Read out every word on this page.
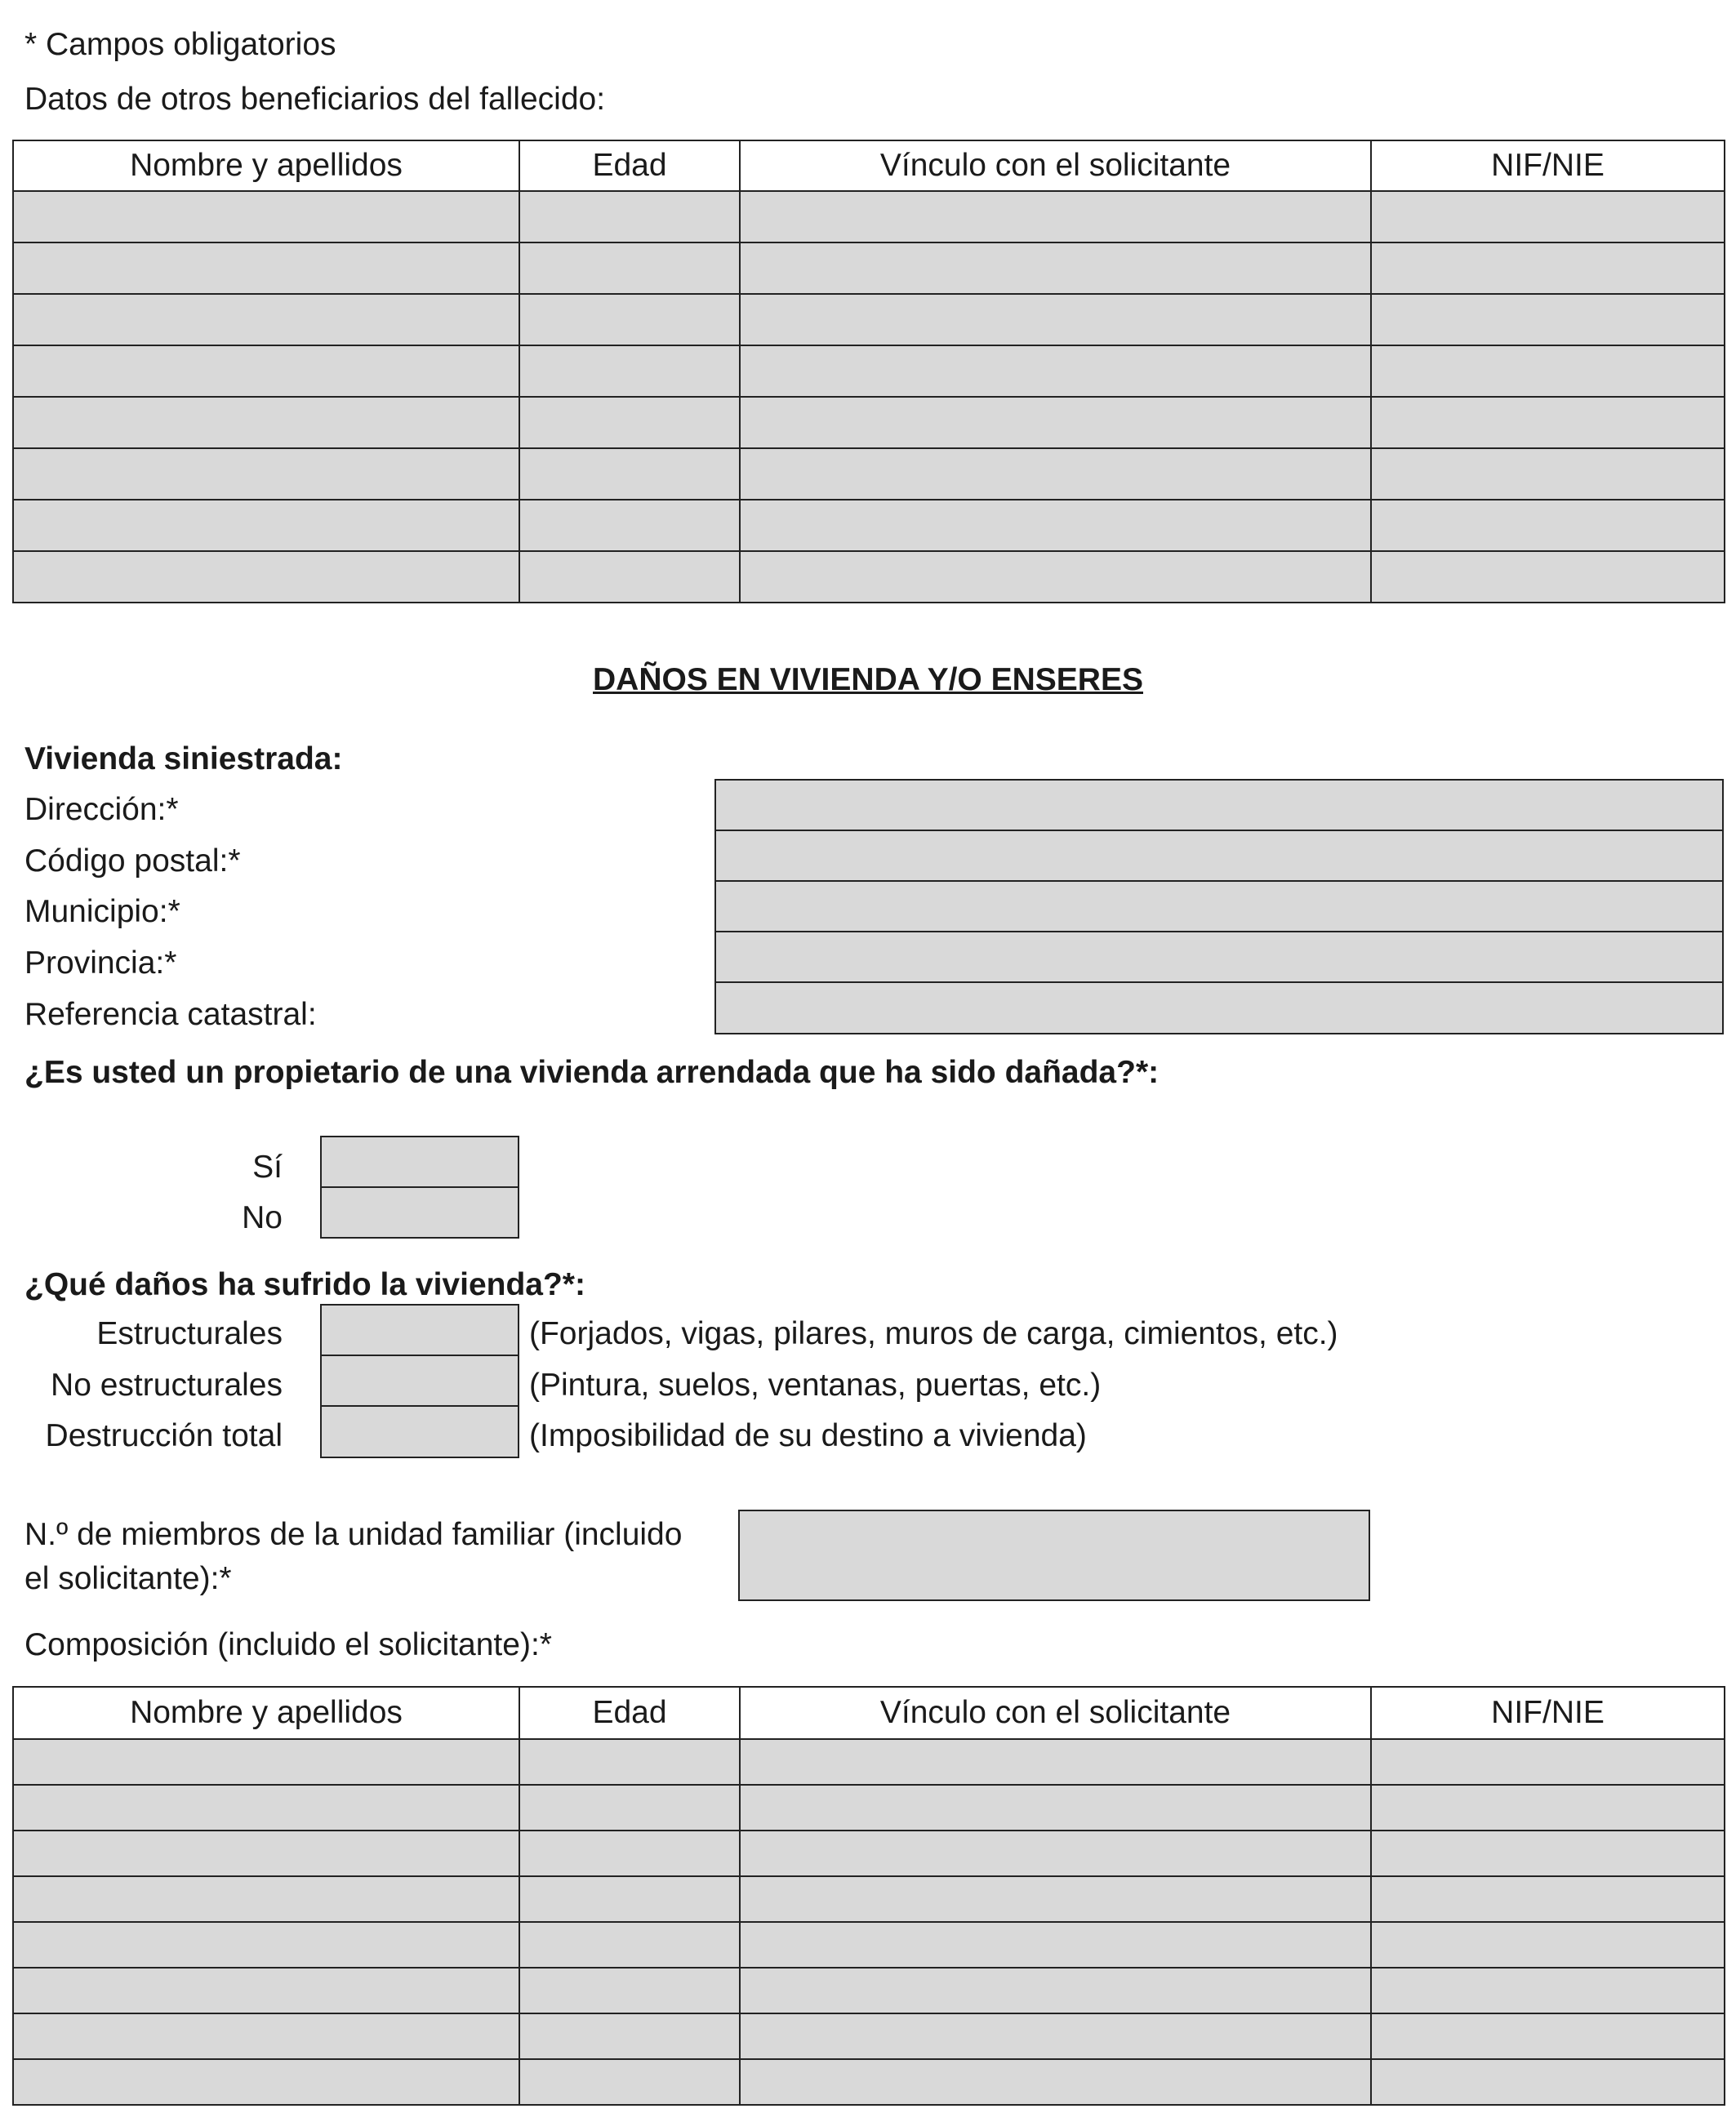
* Campos obligatorios
Datos de otros beneficiarios del fallecido:
Nombre y apellidos	Edad	Vínculo con el solicitante	NIF/NIE

DAÑOS EN VIVIENDA Y/O ENSERES
Vivienda siniestrada:
Dirección:*
Código postal:*
Municipio:*
Provincia:*
Referencia catastral:
¿Es usted un propietario de una vivienda arrendada que ha sido dañada?*:
Sí
No
¿Qué daños ha sufrido la vivienda?*:
Estructurales
No estructurales
Destrucción total
(Forjados, vigas, pilares, muros de carga, cimientos, etc.)
(Pintura, suelos, ventanas, puertas, etc.)
(Imposibilidad de su destino a vivienda)
N.º de miembros de la unidad familiar (incluido
el solicitante):*
Composición (incluido el solicitante):*
Nombre y apellidos	Edad	Vínculo con el solicitante	NIF/NIE
